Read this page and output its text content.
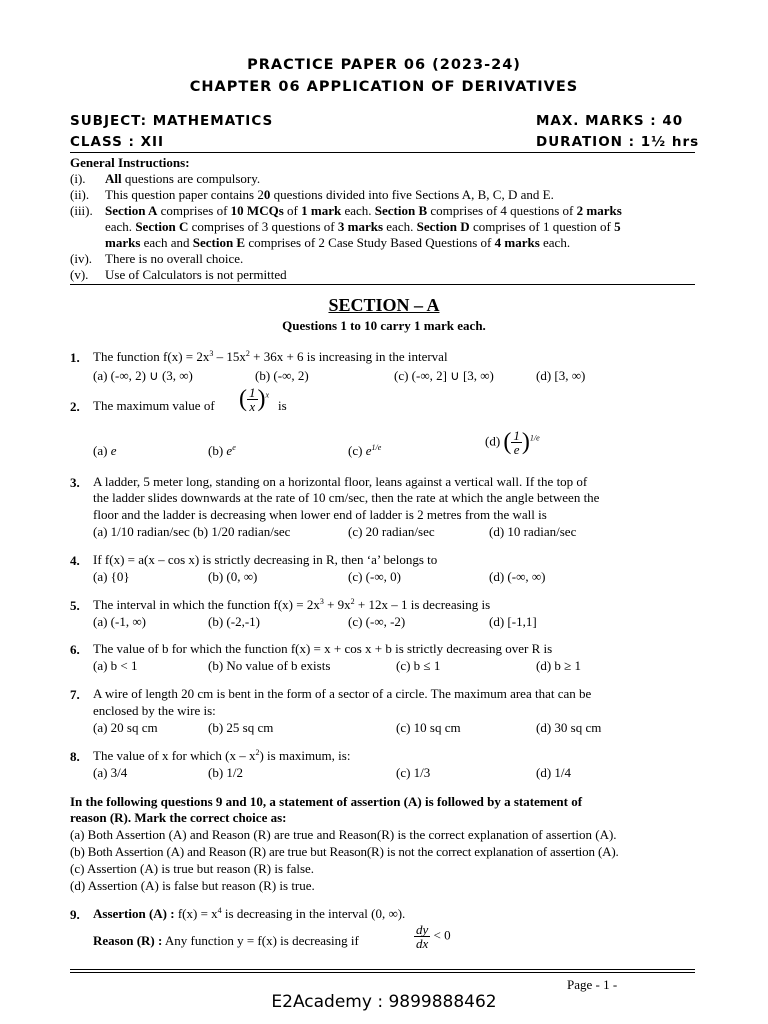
PRACTICE PAPER 06 (2023-24)
CHAPTER 06 APPLICATION OF DERIVATIVES
SUBJECT: MATHEMATICS	MAX. MARKS : 40
CLASS : XII	DURATION : 1½ hrs
General Instructions:
(i). All questions are compulsory.
(ii). This question paper contains 20 questions divided into five Sections A, B, C, D and E.
(iii). Section A comprises of 10 MCQs of 1 mark each. Section B comprises of 4 questions of 2 marks
each. Section C comprises of 3 questions of 3 marks each. Section D comprises of 1 question of 5
marks each and Section E comprises of 2 Case Study Based Questions of 4 marks each.
(iv). There is no overall choice.
(v). Use of Calculators is not permitted
SECTION – A
Questions 1 to 10 carry 1 mark each.
1. The function $f(x) = 2x^3 - 15x^2 + 36x + 6$ is increasing in the interval
(a) (-∞, 2) ∪ (3, ∞)	(b) (-∞, 2)	(c) (-∞, 2] ∪ [3, ∞)	(d) [3, ∞)
2. The maximum value of ( $\frac{1}{x} )^x$
is
(a) e	(b) $e^e$	(c) $e^{1/e}$	(d) ( $\frac{1}{e} )^{1/e}$
3. A ladder, 5 meter long, standing on a horizontal floor, leans against a vertical wall. If the top of
the ladder slides downwards at the rate of 10 cm/sec, then the rate at which the angle between the
floor and the ladder is decreasing when lower end of ladder is 2 metres from the wall is
(a) 1/10 radian/sec (b) 1/20 radian/sec	(c) 20 radian/sec	(d) 10 radian/sec
4. If f(x) = a(x – cos x) is strictly decreasing in R, then ‘a’ belongs to
(a) {0}	(b) (0, ∞)	(c) (-∞, 0)	(d) (-∞, ∞)
5. The interval in which the function $f(x) = 2x^3 + 9x^2 + 12x - 1$ is decreasing is
(a) (-1, ∞)	(b) (-2,-1)	(c) (-∞, -2)	(d) [-1,1]
6. The value of b for which the function f(x) = x + cos x + b is strictly decreasing over R is
(a) b < 1	(b) No value of b exists	(c) b ≤ 1	(d) b ≥ 1
7. A wire of length 20 cm is bent in the form of a sector of a circle. The maximum area that can be
enclosed by the wire is:
(a) 20 sq cm	(b) 25 sq cm	(c) 10 sq cm	(d) 30 sq cm
8. The value of x for which $(x - x^2)$ is maximum, is:
(a) 3/4	(b) 1/2	(c) 1/3	(d) 1/4
In the following questions 9 and 10, a statement of assertion (A) is followed by a statement of
reason (R). Mark the correct choice as:
(a) Both Assertion (A) and Reason (R) are true and Reason(R) is the correct explanation of assertion (A).
(b) Both Assertion (A) and Reason (R) are true but Reason(R) is not the correct explanation of assertion (A).
(c) Assertion (A) is true but reason (R) is false.
(d) Assertion (A) is false but reason (R) is true.
9. Assertion (A) : $f(x) = x^4$ is decreasing in the interval (0, ∞).
Reason (R) : Any function y = f(x) is decreasing if	$\frac{dy}{dx} < 0$
Page - 1 -
E2Academy : 9899888462
